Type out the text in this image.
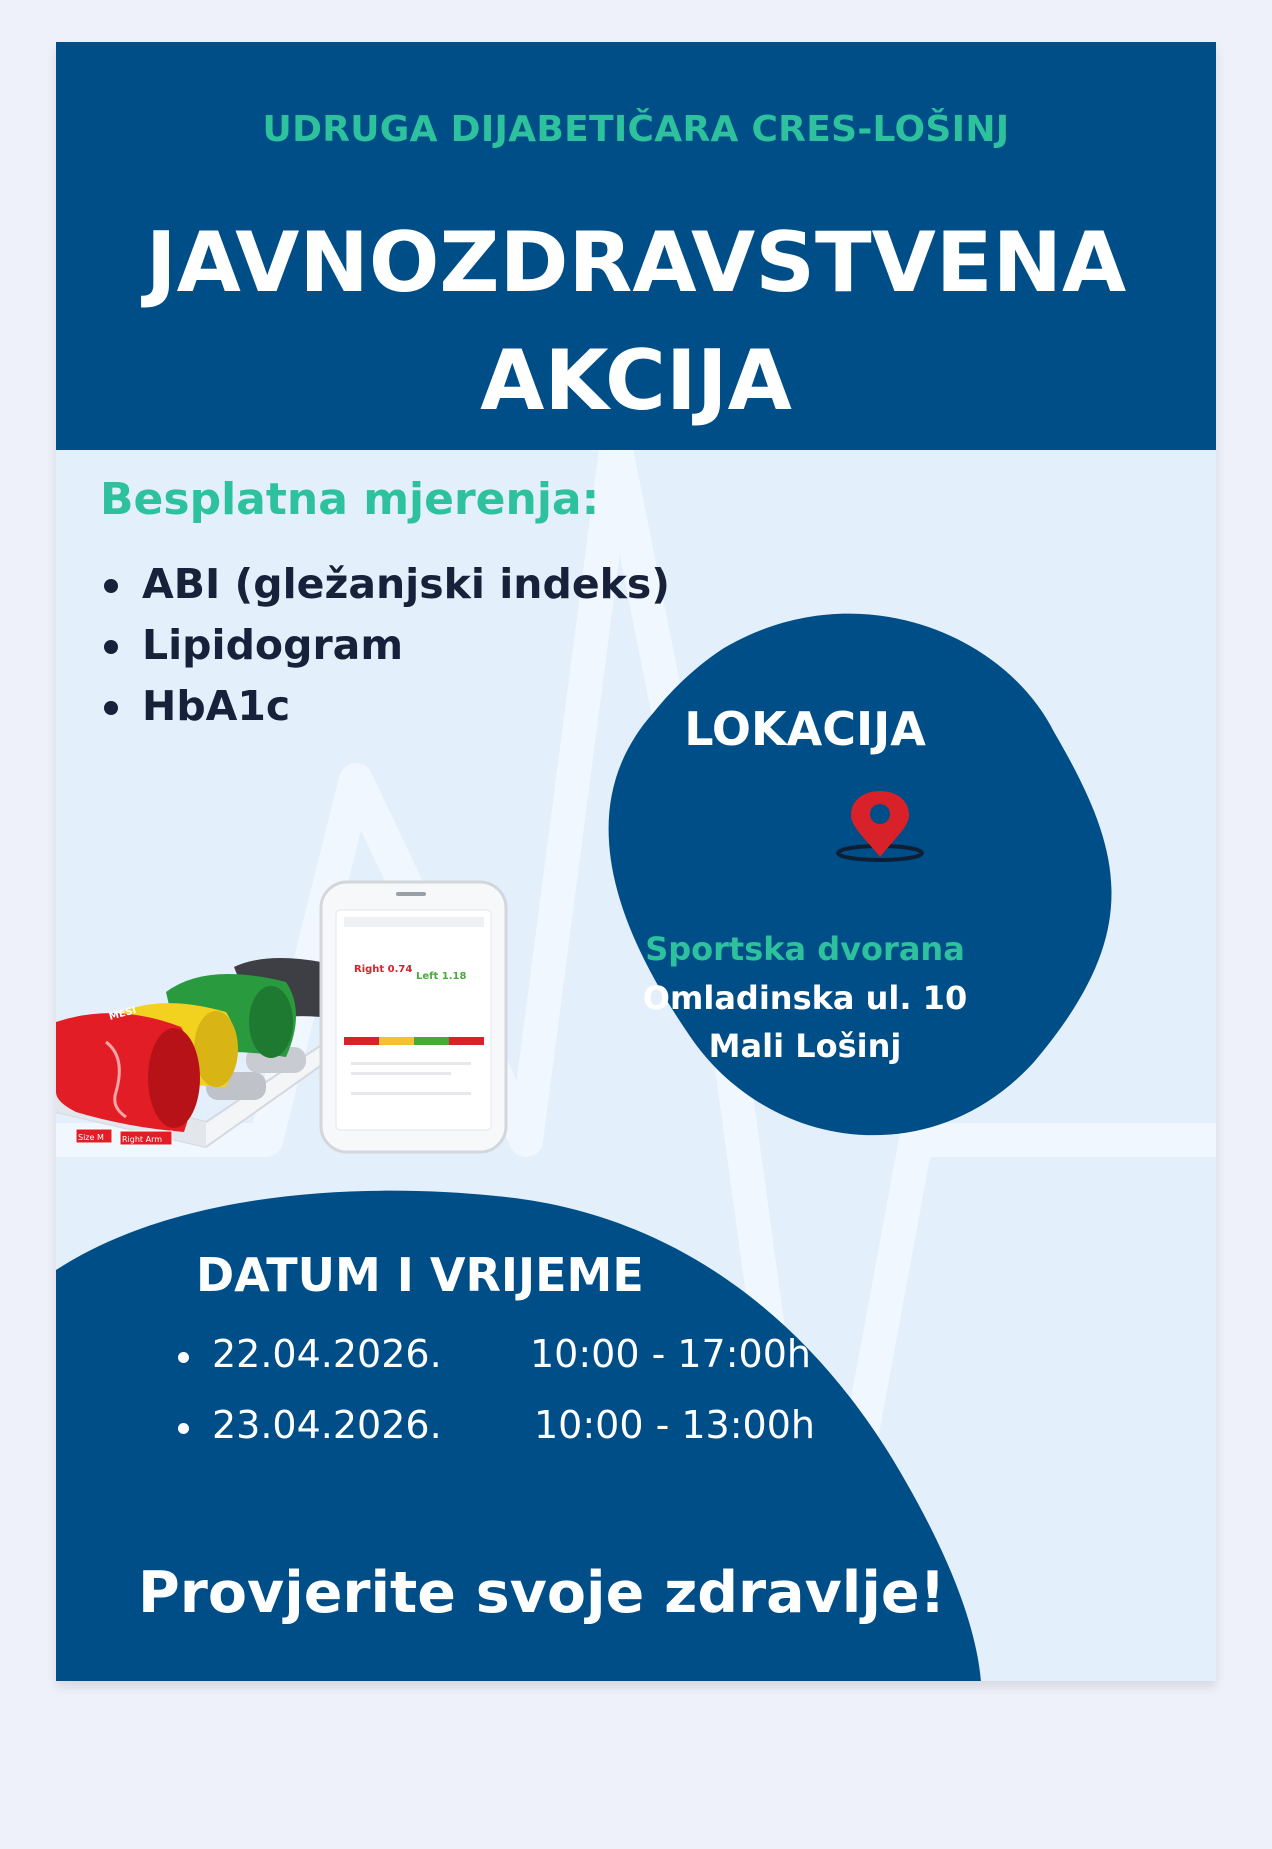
UDRUGA DIJABETIČARA CRES-LOŠINJ
JAVNOZDRAVSTVENA
AKCIJA
Besplatna mjerenja:
ABI (gležanjski indeks)
Lipidogram
HbA1c
Size M Right Arm
MESI
Right 0.74
Left 1.18
LOKACIJA
Sportska dvorana
Omladinska ul. 10
Mali Lošinj
DATUM I VRIJEME
22.04.2026. 10:00 - 17:00h
23.04.2026. 10:00 - 13:00h
Provjerite svoje zdravlje!
